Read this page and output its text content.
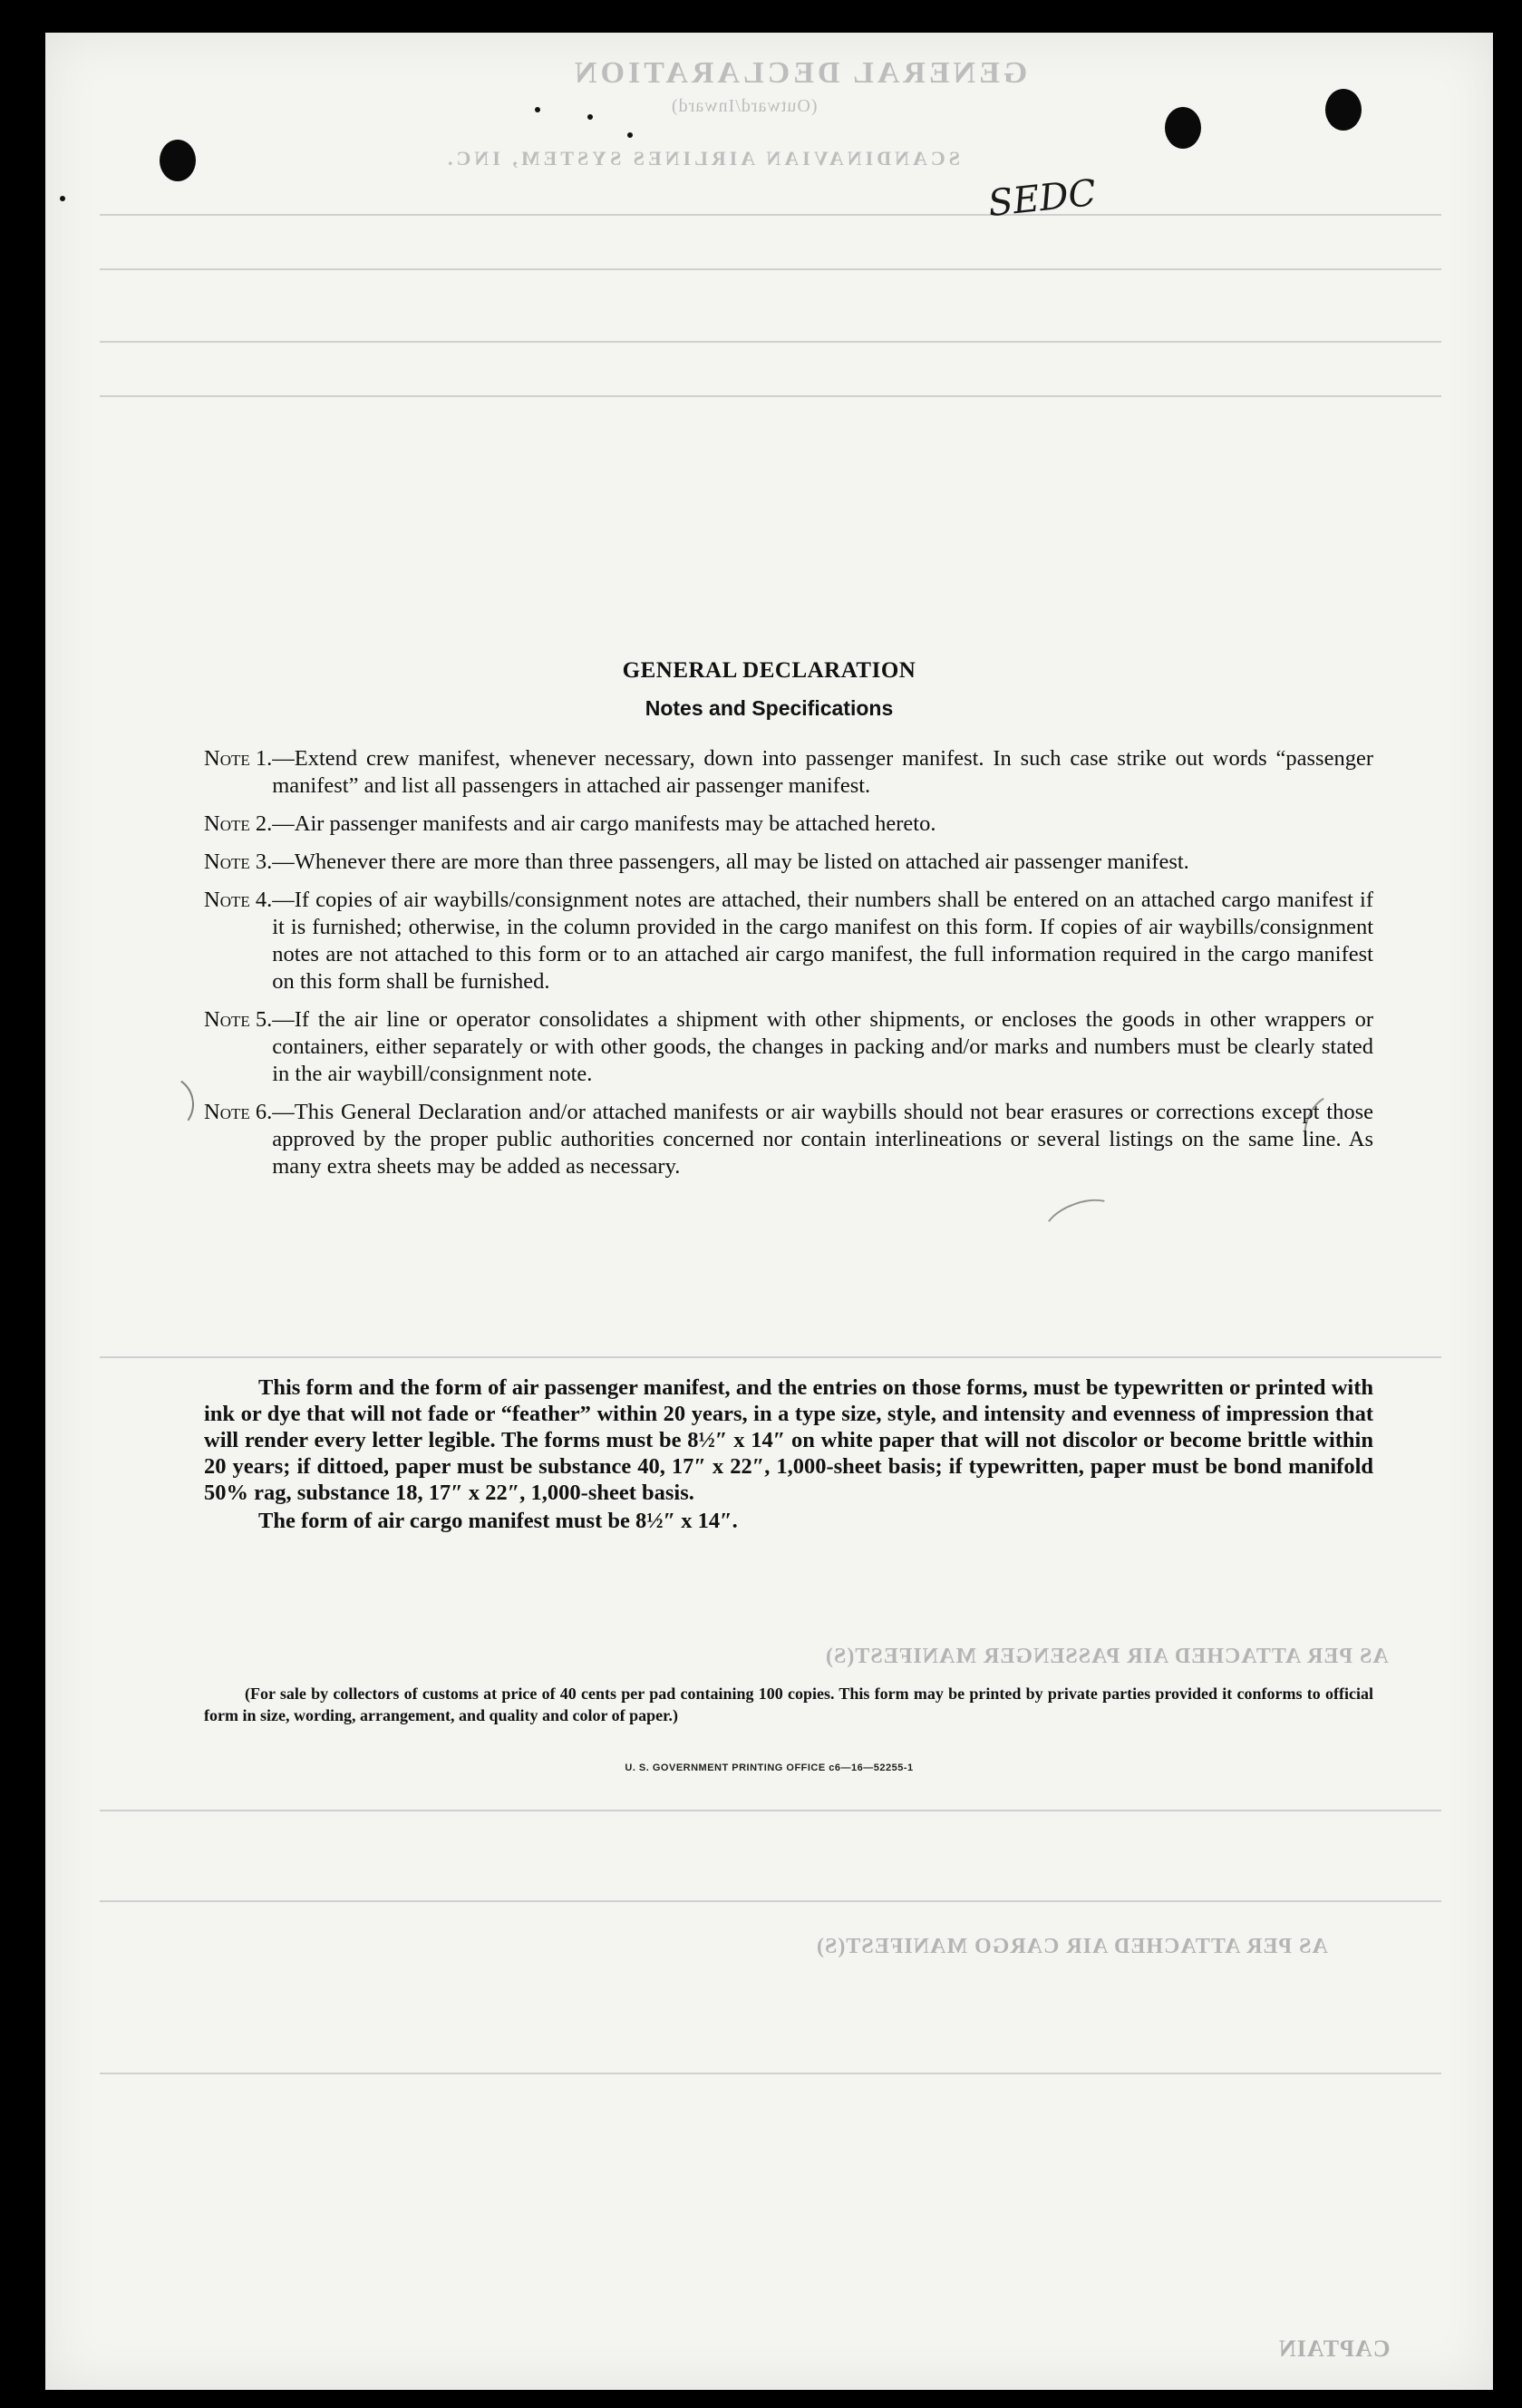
GENERAL DECLARATION
(Outward/Inward)
SCANDINAVIAN AIRLINES SYSTEM, INC.
AS PER ATTACHED AIR PASSENGER MANIFEST(S)
AS PER ATTACHED AIR CARGO MANIFEST(S)
CAPTAIN
SEDC
GENERAL DECLARATION
Notes and Specifications
Note 1. —Extend crew manifest, whenever necessary, down into passenger manifest. In such case strike out words “passenger manifest” and list all passengers in attached air passenger manifest.
Note 2. —Air passenger manifests and air cargo manifests may be attached hereto.
Note 3. —Whenever there are more than three passengers, all may be listed on attached air passenger manifest.
Note 4. —If copies of air waybills/consignment notes are attached, their numbers shall be entered on an attached cargo manifest if it is furnished; otherwise, in the column provided in the cargo manifest on this form. If copies of air waybills/consignment notes are not attached to this form or to an attached air cargo manifest, the full information required in the cargo manifest on this form shall be furnished.
Note 5. —If the air line or operator consolidates a shipment with other shipments, or encloses the goods in other wrappers or containers, either separately or with other goods, the changes in packing and/or marks and numbers must be clearly stated in the air waybill/consignment note.
Note 6. —This General Declaration and/or attached manifests or air waybills should not bear erasures or corrections except those approved by the proper public authorities concerned nor contain interlineations or several listings on the same line. As many extra sheets may be added as necessary.

This form and the form of air passenger manifest, and the entries on those forms, must be typewritten or printed with ink or dye that will not fade or “feather” within 20 years, in a type size, style, and intensity and evenness of impression that will render every letter legible. The forms must be 8½″ x 14″ on white paper that will not discolor or become brittle within 20 years; if dittoed, paper must be substance 40, 17″ x 22″, 1,000-sheet basis; if typewritten, paper must be bond manifold 50% rag, substance 18, 17″ x 22″, 1,000-sheet basis.

The form of air cargo manifest must be 8½″ x 14″.

(For sale by collectors of customs at price of 40 cents per pad containing 100 copies. This form may be printed by private parties provided it conforms to official form in size, wording, arrangement, and quality and color of paper.)

U. S. GOVERNMENT PRINTING OFFICE c6—16—52255-1
